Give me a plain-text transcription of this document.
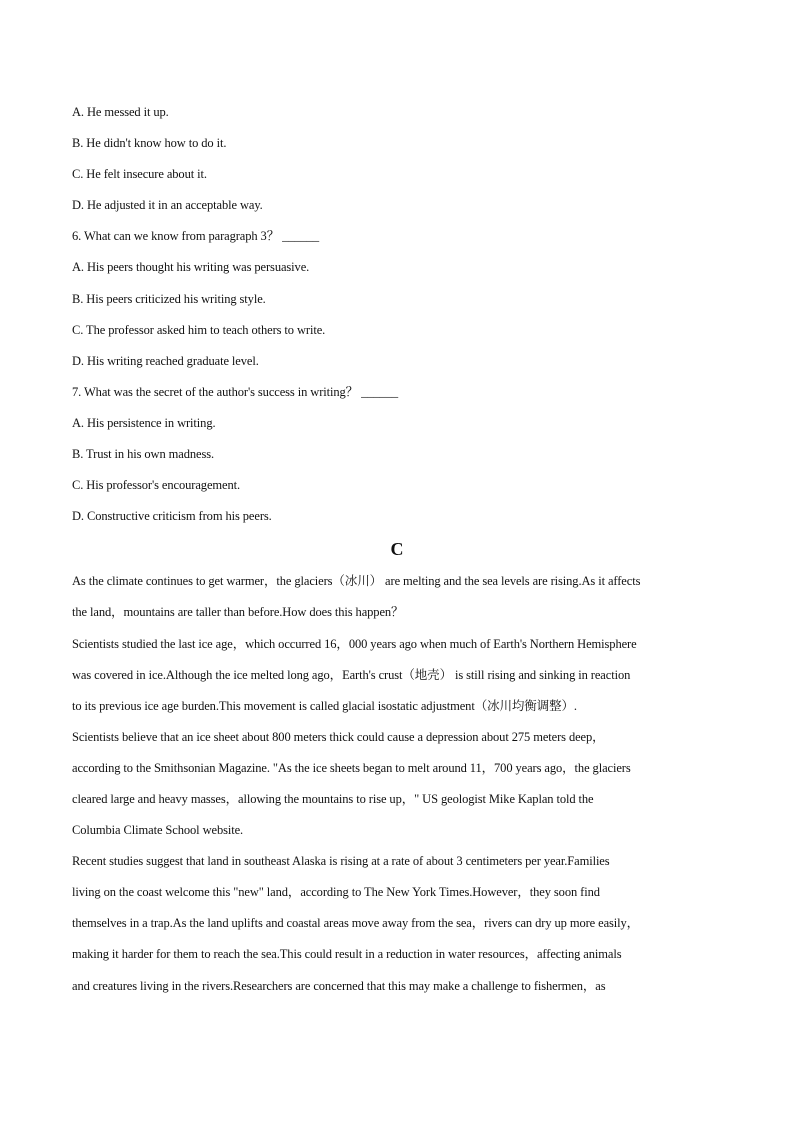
A. He messed it up.
B. He didn't know how to do it.
C. He felt insecure about it.
D. He adjusted it in an acceptable way.
6. What can we know from paragraph 3？ ______
A. His peers thought his writing was persuasive.
B. His peers criticized his writing style.
C. The professor asked him to teach others to write.
D. His writing reached graduate level.
7. What was the secret of the author's success in writing？ ______
A. His persistence in writing.
B. Trust in his own madness.
C. His professor's encouragement.
D. Constructive criticism from his peers.
C
As the climate continues to get warmer，the glaciers（冰川） are melting and the sea levels are rising.As it affects
the land，mountains are taller than before.How does this happen？
Scientists studied the last ice age，which occurred 16，000 years ago when much of Earth's Northern Hemisphere
was covered in ice.Although the ice melted long ago，Earth's crust（地壳） is still rising and sinking in reaction
to its previous ice age burden.This movement is called glacial isostatic adjustment（冰川均衡调整）.
Scientists believe that an ice sheet about 800 meters thick could cause a depression about 275 meters deep，
according to the Smithsonian Magazine. "As the ice sheets began to melt around 11，700 years ago，the glaciers
cleared large and heavy masses，allowing the mountains to rise up，" US geologist Mike Kaplan told the
Columbia Climate School website.
Recent studies suggest that land in southeast Alaska is rising at a rate of about 3 centimeters per year.Families
living on the coast welcome this "new" land，according to The New York Times.However，they soon find
themselves in a trap.As the land uplifts and coastal areas move away from the sea，rivers can dry up more easily，
making it harder for them to reach the sea.This could result in a reduction in water resources，affecting animals
and creatures living in the rivers.Researchers are concerned that this may make a challenge to fishermen，as
